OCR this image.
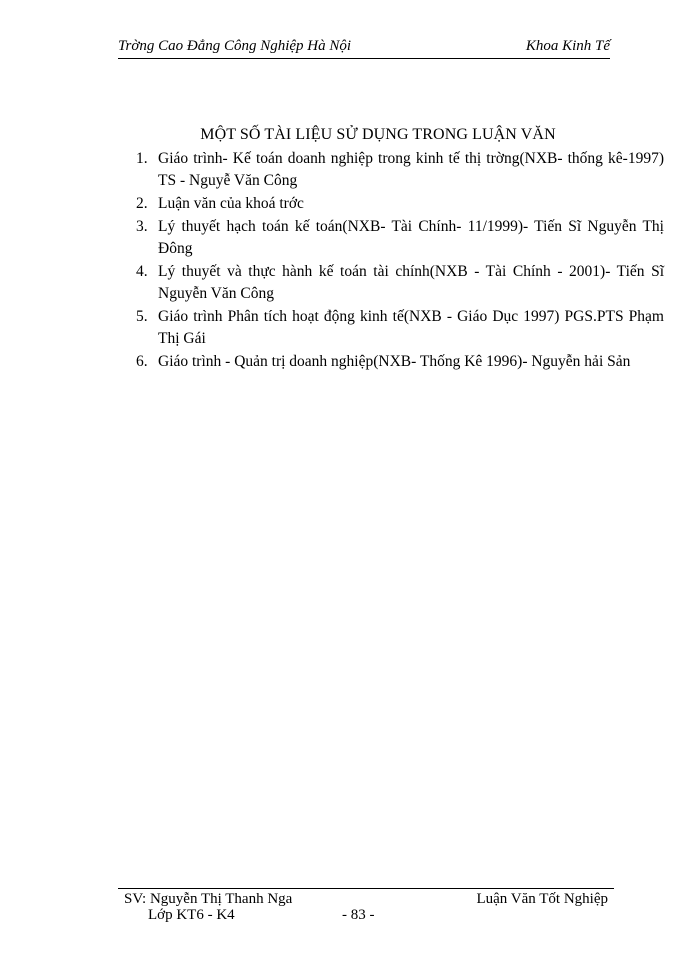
Trờng Cao Đẳng Công Nghiệp Hà Nội	Khoa Kinh Tế
MỘT SỐ TÀI LIỆU SỬ DỤNG TRONG LUẬN VĂN
1. Giáo trình- Kế toán doanh nghiệp trong kinh tế thị trờng(NXB- thống kê-1997) TS - Nguyễ Văn Công
2. Luận văn của khoá trớc
3. Lý thuyết hạch toán kế toán(NXB- Tài Chính- 11/1999)- Tiến Sĩ Nguyễn Thị Đông
4. Lý thuyết và thực hành kế toán tài chính(NXB - Tài Chính - 2001)- Tiến Sĩ Nguyễn Văn Công
5. Giáo trình Phân tích hoạt động kinh tế(NXB - Giáo Dục 1997) PGS.PTS Phạm Thị Gái
6. Giáo trình - Quản trị doanh nghiệp(NXB- Thống Kê 1996)- Nguyễn hải Sản
SV: Nguyễn Thị Thanh Nga	Luận Văn Tốt Nghiệp
Lớp KT6 - K4	- 83 -
